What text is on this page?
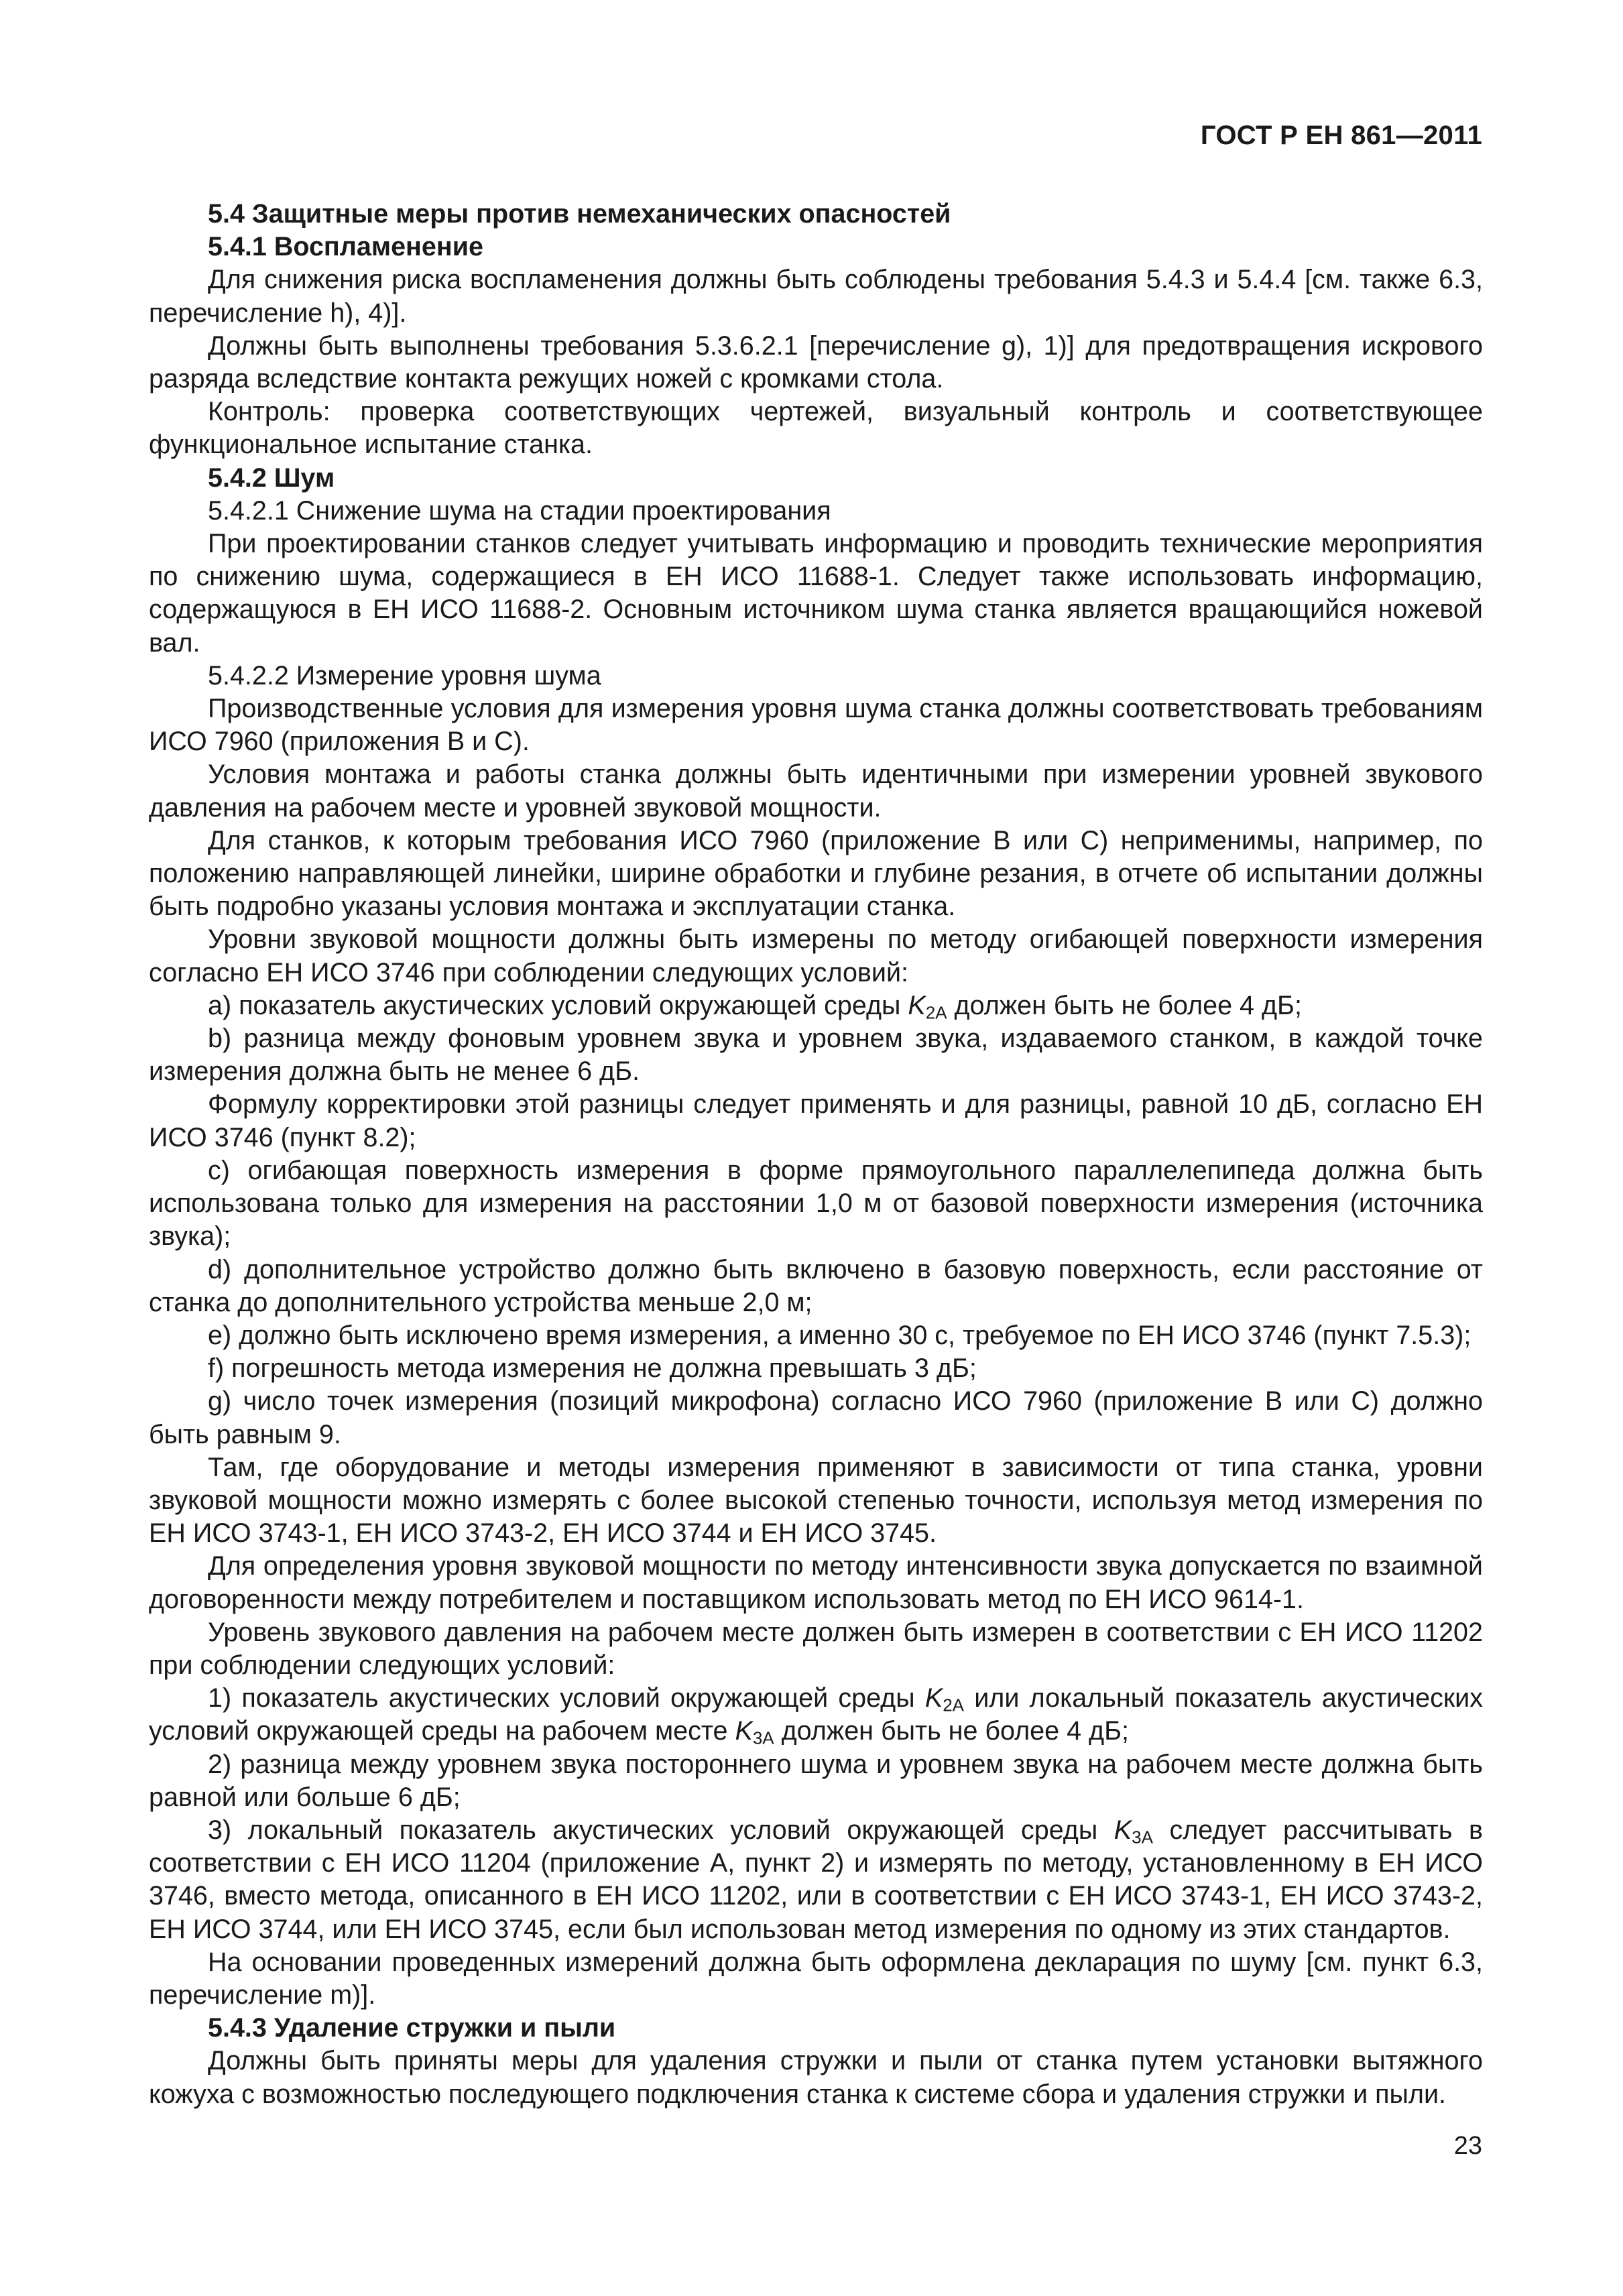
ГОСТ Р ЕН 861—2011

5.4 Защитные меры против немеханических опасностей

5.4.1 Воспламенение

Для снижения риска воспламенения должны быть соблюдены требования 5.4.3 и 5.4.4 [см. также 6.3, перечисление h), 4)].

Должны быть выполнены требования 5.3.6.2.1 [перечисление g), 1)] для предотвращения искрового разряда вследствие контакта режущих ножей с кромками стола.

Контроль: проверка соответствующих чертежей, визуальный контроль и соответствующее функциональное испытание станка.

5.4.2 Шум

5.4.2.1 Снижение шума на стадии проектирования

При проектировании станков следует учитывать информацию и проводить технические мероприятия по снижению шума, содержащиеся в ЕН ИСО 11688-1. Следует также использовать информацию, содержащуюся в ЕН ИСО 11688-2. Основным источником шума станка является вращающийся ножевой вал.

5.4.2.2 Измерение уровня шума

Производственные условия для измерения уровня шума станка должны соответствовать требованиям ИСО 7960 (приложения В и С).

Условия монтажа и работы станка должны быть идентичными при измерении уровней звукового давления на рабочем месте и уровней звуковой мощности.

Для станков, к которым требования ИСО 7960 (приложение В или С) неприменимы, например, по положению направляющей линейки, ширине обработки и глубине резания, в отчете об испытании должны быть подробно указаны условия монтажа и эксплуатации станка.

Уровни звуковой мощности должны быть измерены по методу огибающей поверхности измерения согласно ЕН ИСО 3746 при соблюдении следующих условий:

a) показатель акустических условий окружающей среды $K_{2A}$ должен быть не более 4 дБ;

b) разница между фоновым уровнем звука и уровнем звука, издаваемого станком, в каждой точке измерения должна быть не менее 6 дБ.

Формулу корректировки этой разницы следует применять и для разницы, равной 10 дБ, согласно ЕН ИСО 3746 (пункт 8.2);

c) огибающая поверхность измерения в форме прямоугольного параллелепипеда должна быть использована только для измерения на расстоянии 1,0 м от базовой поверхности измерения (источника звука);

d) дополнительное устройство должно быть включено в базовую поверхность, если расстояние от станка до дополнительного устройства меньше 2,0 м;

e) должно быть исключено время измерения, а именно 30 с, требуемое по ЕН ИСО 3746 (пункт 7.5.3);

f) погрешность метода измерения не должна превышать 3 дБ;

g) число точек измерения (позиций микрофона) согласно ИСО 7960 (приложение В или С) должно быть равным 9.

Там, где оборудование и методы измерения применяют в зависимости от типа станка, уровни звуковой мощности можно измерять с более высокой степенью точности, используя метод измерения по ЕН ИСО 3743-1, ЕН ИСО 3743-2, ЕН ИСО 3744 и ЕН ИСО 3745.

Для определения уровня звуковой мощности по методу интенсивности звука допускается по взаимной договоренности между потребителем и поставщиком использовать метод по ЕН ИСО 9614-1.

Уровень звукового давления на рабочем месте должен быть измерен в соответствии с ЕН ИСО 11202 при соблюдении следующих условий:

1) показатель акустических условий окружающей среды $K_{2A}$ или локальный показатель акустических условий окружающей среды на рабочем месте $K_{3A}$ должен быть не более 4 дБ;

2) разница между уровнем звука постороннего шума и уровнем звука на рабочем месте должна быть равной или больше 6 дБ;

3) локальный показатель акустических условий окружающей среды $K_{3A}$ следует рассчитывать в соответствии с ЕН ИСО 11204 (приложение А, пункт 2) и измерять по методу, установленному в ЕН ИСО 3746, вместо метода, описанного в ЕН ИСО 11202, или в соответствии с ЕН ИСО 3743-1, ЕН ИСО 3743-2, ЕН ИСО 3744, или ЕН ИСО 3745, если был использован метод измерения по одному из этих стандартов.

На основании проведенных измерений должна быть оформлена декларация по шуму [см. пункт 6.3, перечисление m)].

5.4.3 Удаление стружки и пыли

Должны быть приняты меры для удаления стружки и пыли от станка путем установки вытяжного кожуха с возможностью последующего подключения станка к системе сбора и удаления стружки и пыли.

23
